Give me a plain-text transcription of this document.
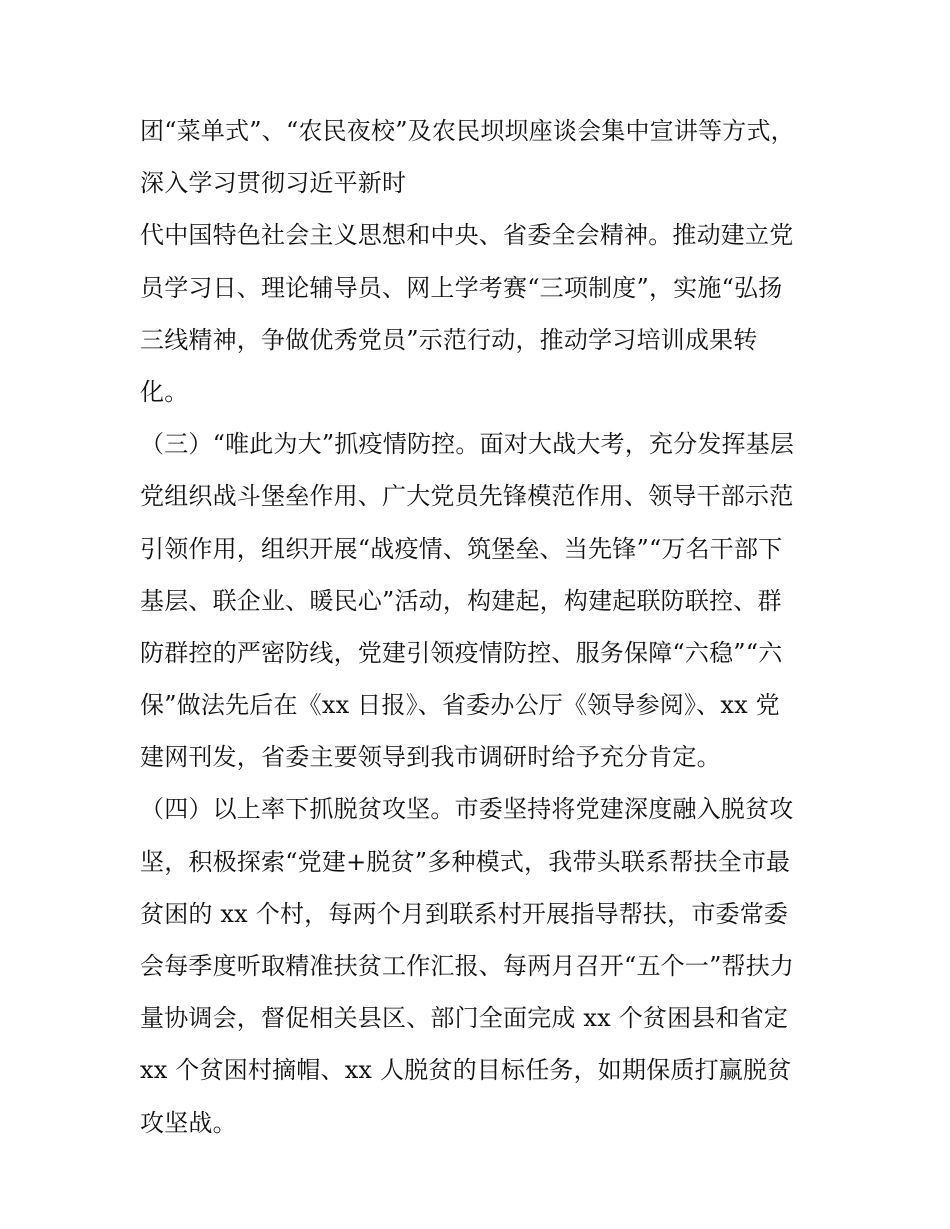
团“菜单式”、“农民夜校”及农民坝坝座谈会集中宣讲等方式，
深入学习贯彻习近平新时
代中国特色社会主义思想和中央、省委全会精神。推动建立党
员学习日、理论辅导员、网上学考赛“三项制度”，实施“弘扬
三线精神，争做优秀党员”示范行动，推动学习培训成果转
化。
（三）“唯此为大”抓疫情防控。面对大战大考，充分发挥基层
党组织战斗堡垒作用、广大党员先锋模范作用、领导干部示范
引领作用，组织开展“战疫情、筑堡垒、当先锋”“万名干部下
基层、联企业、暖民心”活动，构建起，构建起联防联控、群
防群控的严密防线，党建引领疫情防控、服务保障“六稳”“六
保”做法先后在《xx 日报》、省委办公厅《领导参阅》、xx 党
建网刊发，省委主要领导到我市调研时给予充分肯定。
（四）以上率下抓脱贫攻坚。市委坚持将党建深度融入脱贫攻
坚，积极探索“党建+脱贫”多种模式，我带头联系帮扶全市最
贫困的 xx 个村，每两个月到联系村开展指导帮扶，市委常委
会每季度听取精准扶贫工作汇报、每两月召开“五个一”帮扶力
量协调会，督促相关县区、部门全面完成 xx 个贫困县和省定
xx 个贫困村摘帽、xx 人脱贫的目标任务，如期保质打赢脱贫
攻坚战。
